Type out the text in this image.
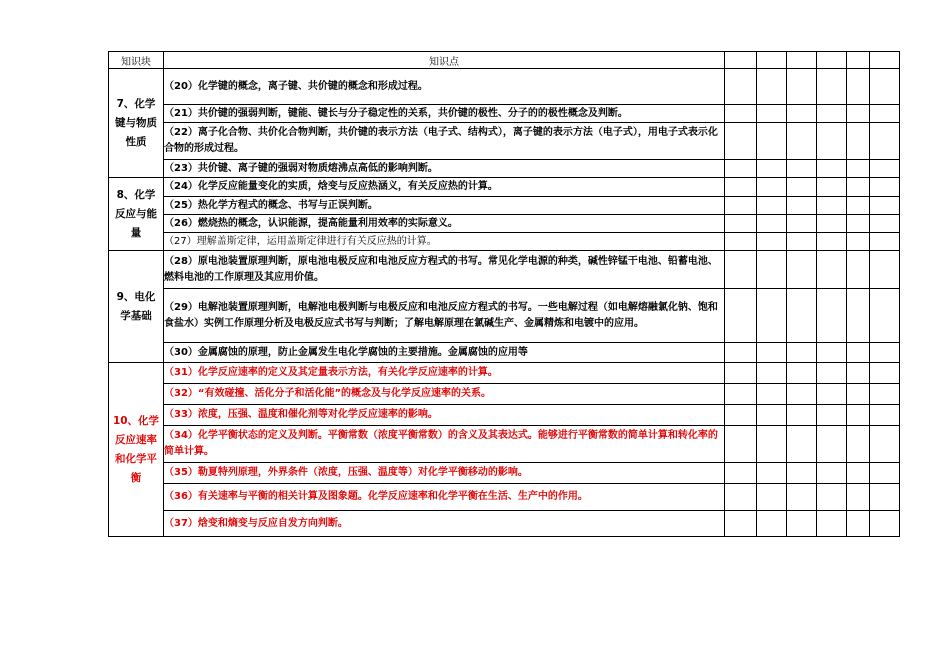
知识块	知识点						

7、化学键与物质性质	（20）化学键的概念，离子键、共价键的概念和形成过程。						
	（21）共价键的强弱判断，键能、键长与分子稳定性的关系，共价键的极性、分子的的极性概念及判断。						
	（22）离子化合物、共价化合物判断，共价键的表示方法（电子式、结构式），离子键的表示方法（电子式），用电子式表示化合物的形成过程。						
	（23）共价键、离子键的强弱对物质熔沸点高低的影响判断。						

8、化学反应与能量	（24）化学反应能量变化的实质，焓变与反应热涵义，有关反应热的计算。						
	（25）热化学方程式的概念、书写与正误判断。						
	（26）燃烧热的概念，认识能源，提高能量利用效率的实际意义。						
	（27）理解盖斯定律，运用盖斯定律进行有关反应热的计算。						

9、电化学基础	（28）原电池装置原理判断，原电池电极反应和电池反应方程式的书写。常见化学电源的种类，碱性锌锰干电池、铅蓄电池、燃料电池的工作原理及其应用价值。						
	（29）电解池装置原理判断，电解池电极判断与电极反应和电池反应方程式的书写。一些电解过程（如电解熔融氯化钠、饱和食盐水）实例工作原理分析及电极反应式书写与判断；了解电解原理在氯碱生产、金属精炼和电镀中的应用。						
	（30）金属腐蚀的原理，防止金属发生电化学腐蚀的主要措施。金属腐蚀的应用等						

10、化学反应速率和化学平衡	（31）化学反应速率的定义及其定量表示方法，有关化学反应速率的计算。						
	（32）“有效碰撞、活化分子和活化能”的概念及与化学反应速率的关系。						
	（33）浓度，压强、温度和催化剂等对化学反应速率的影响。						
	（34）化学平衡状态的定义及判断。平衡常数（浓度平衡常数）的含义及其表达式。能够进行平衡常数的简单计算和转化率的简单计算。						
	（35）勒夏特列原理，外界条件（浓度，压强、温度等）对化学平衡移动的影响。						
	（36）有关速率与平衡的相关计算及图象题。化学反应速率和化学平衡在生活、生产中的作用。						
	（37）焓变和熵变与反应自发方向判断。						
